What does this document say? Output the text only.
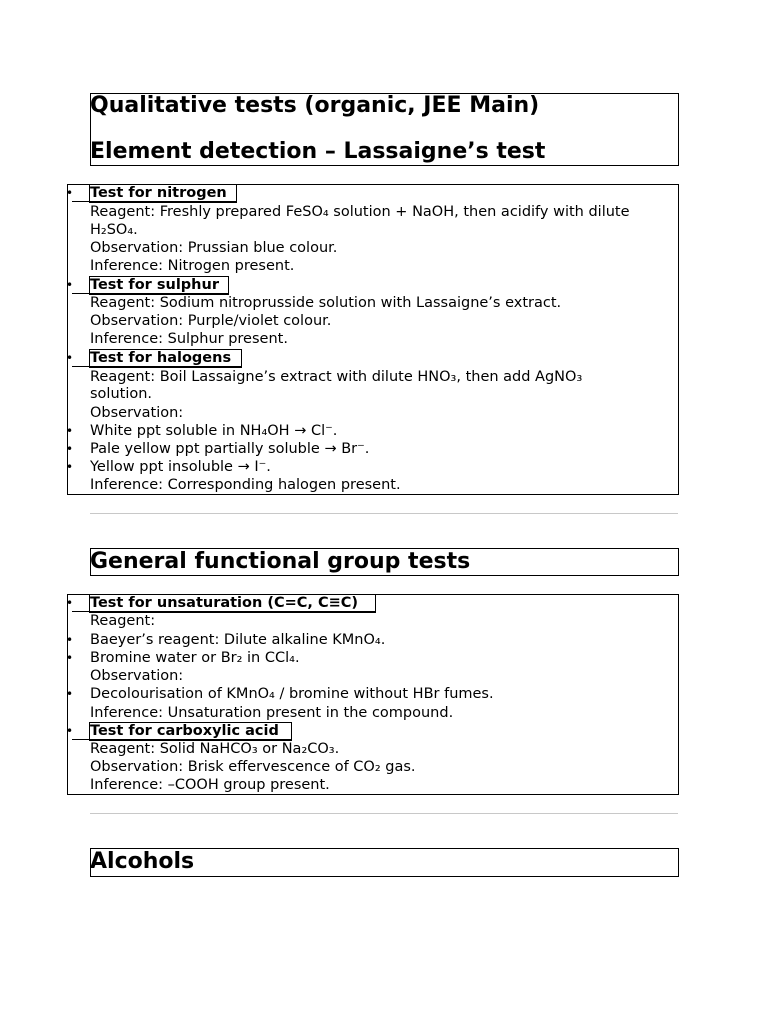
Qualitative tests (organic, JEE Main)
Element detection – Lassaigne’s test
•
Test for nitrogen
Reagent: Freshly prepared FeSO₄ solution + NaOH, then acidify with dilute
H₂SO₄.
Observation: Prussian blue colour.
Inference: Nitrogen present.
•
Test for sulphur
Reagent: Sodium nitroprusside solution with Lassaigne’s extract.
Observation: Purple/violet colour.
Inference: Sulphur present.
•
Test for halogens
Reagent: Boil Lassaigne’s extract with dilute HNO₃, then add AgNO₃
solution.
Observation:
•
White ppt soluble in NH₄OH → Cl⁻.
•
Pale yellow ppt partially soluble → Br⁻.
•
Yellow ppt insoluble → I⁻.
Inference: Corresponding halogen present.
General functional group tests
•
Test for unsaturation (C=C, C≡C)
Reagent:
•
Baeyer’s reagent: Dilute alkaline KMnO₄.
•
Bromine water or Br₂ in CCl₄.
Observation:
•
Decolourisation of KMnO₄ / bromine without HBr fumes.
Inference: Unsaturation present in the compound.
•
Test for carboxylic acid
Reagent: Solid NaHCO₃ or Na₂CO₃.
Observation: Brisk effervescence of CO₂ gas.
Inference: –COOH group present.
Alcohols
